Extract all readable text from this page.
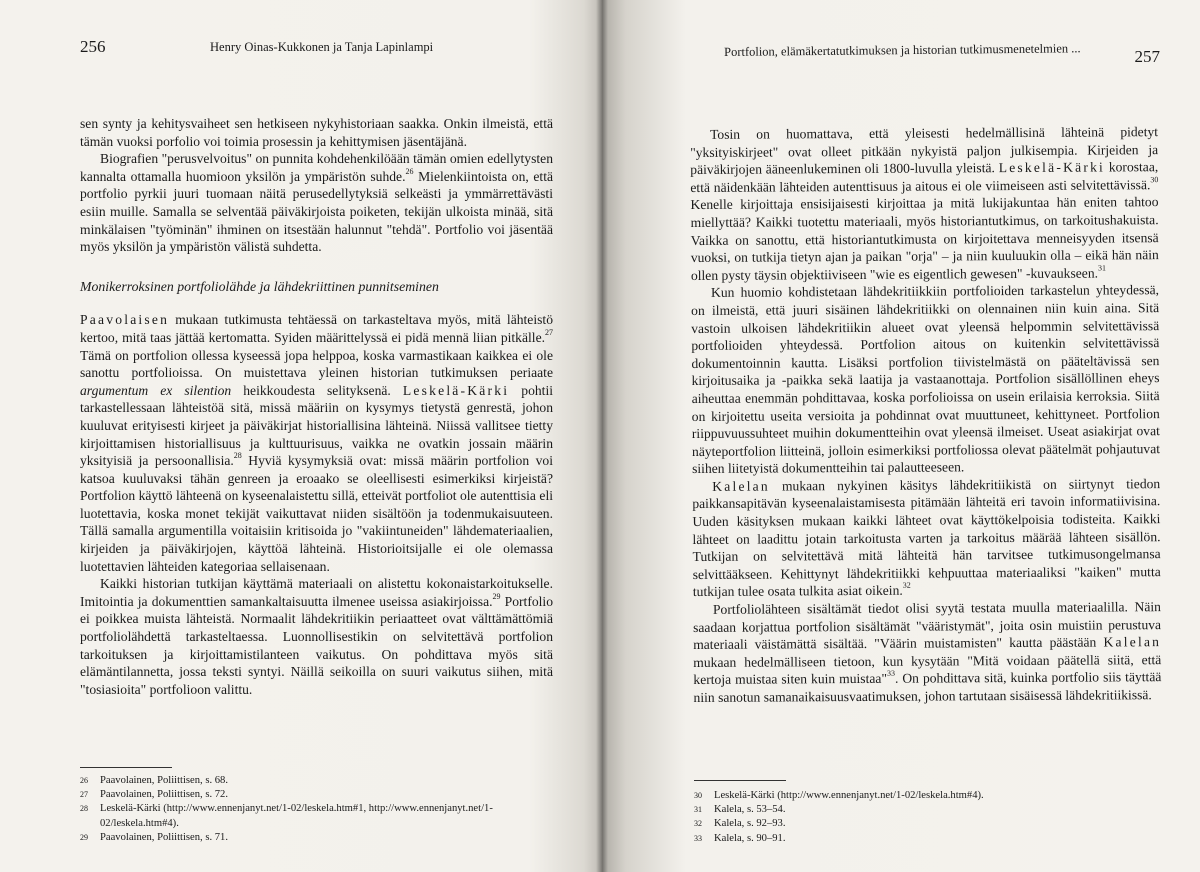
256	Henry Oinas-Kukkonen ja Tanja Lapinlampi

sen synty ja kehitysvaiheet sen hetkiseen nykyhistoriaan saakka. Onkin ilmeistä, että tämän vuoksi porfolio voi toimia prosessin ja kehittymisen jäsentäjänä.

Biografien "perusvelvoitus" on punnita kohdehenkilöään tämän omien edellytysten kannalta ottamalla huomioon yksilön ja ympäristön suhde.$^{26}$ Mielenkiintoista on, että portfolio pyrkii juuri tuomaan näitä perusedellytyksiä selkeästi ja ymmärrettävästi esiin muille. Samalla se selventää päiväkirjoista poiketen, tekijän ulkoista minää, sitä minkälaisen "työminän" ihminen on itsestään halunnut "tehdä". Portfolio voi jäsentää myös yksilön ja ympäristön välistä suhdetta.

Monikerroksinen portfoliolähde ja lähdekriittinen punnitseminen

Paavolaisen mukaan tutkimusta tehtäessä on tarkasteltava myös, mitä lähteistö kertoo, mitä taas jättää kertomatta. Syiden määrittelyssä ei pidä mennä liian pitkälle.$^{27}$ Tämä on portfolion ollessa kyseessä jopa helppoa, koska varmastikaan kaikkea ei ole sanottu portfolioissa. On muistettava yleinen historian tutkimuksen periaate argumentum ex silention heikkoudesta selityksenä. Leskelä-Kärki pohtii tarkastellessaan lähteistöä sitä, missä määriin on kysymys tietystä genrestä, johon kuuluvat erityisesti kirjeet ja päiväkirjat historiallisina lähteinä. Niissä vallitsee tietty kirjoittamisen historiallisuus ja kulttuurisuus, vaikka ne ovatkin jossain määrin yksityisiä ja persoonallisia.$^{28}$ Hyviä kysymyksiä ovat: missä määrin portfolion voi katsoa kuuluvaksi tähän genreen ja eroaako se oleellisesti esimerkiksi kirjeistä? Portfolion käyttö lähteenä on kyseenalaistettu sillä, etteivät portfoliot ole autenttisia eli luotettavia, koska monet tekijät vaikuttavat niiden sisältöön ja todenmukaisuuteen. Tällä samalla argumentilla voitaisiin kritisoida jo "vakiintuneiden" lähdemateriaalien, kirjeiden ja päiväkirjojen, käyttöä lähteinä. Historioitsijalle ei ole olemassa luotettavien lähteiden kategoriaa sellaisenaan.

Kaikki historian tutkijan käyttämä materiaali on alistettu kokonaistarkoitukselle. Imitointia ja dokumenttien samankaltaisuutta ilmenee useissa asiakirjoissa.$^{29}$ Portfolio ei poikkea muista lähteistä. Normaalit lähdekritiikin periaatteet ovat välttämättömiä portfoliolähdettä tarkasteltaessa. Luonnollisestikin on selvitettävä portfolion tarkoituksen ja kirjoittamistilanteen vaikutus. On pohdittava myös sitä elämäntilannetta, jossa teksti syntyi. Näillä seikoilla on suuri vaikutus siihen, mitä "tosiasioita" portfolioon valittu.

26	Paavolainen, Poliittisen, s. 68.
27	Paavolainen, Poliittisen, s. 72.
28	Leskelä-Kärki (http://www.ennenjanyt.net/1-02/leskela.htm#1, http://www.ennenjanyt.net/1-02/leskela.htm#4).
29	Paavolainen, Poliittisen, s. 71.
Portfolion, elämäkertatutkimuksen ja historian tutkimusmenetelmien ...	257

Tosin on huomattava, että yleisesti hedelmällisinä lähteinä pidetyt "yksityiskirjeet" ovat olleet pitkään nykyistä paljon julkisempia. Kirjeiden ja päiväkirjojen ääneenlukeminen oli 1800-luvulla yleistä. Leskelä-Kärki korostaa, että näidenkään lähteiden autenttisuus ja aitous ei ole viimeiseen asti selvitettävissä.$^{30}$ Kenelle kirjoittaja ensisijaisesti kirjoittaa ja mitä lukijakuntaa hän eniten tahtoo miellyttää? Kaikki tuotettu materiaali, myös historiantutkimus, on tarkoitushakuista. Vaikka on sanottu, että historiantutkimusta on kirjoitettava menneisyyden itsensä vuoksi, on tutkija tietyn ajan ja paikan "orja" – ja niin kuuluukin olla – eikä hän näin ollen pysty täysin objektiiviseen "wie es eigentlich gewesen" -kuvaukseen.$^{31}$

Kun huomio kohdistetaan lähdekritiikkiin portfolioiden tarkastelun yhteydessä, on ilmeistä, että juuri sisäinen lähdekritiikki on olennainen niin kuin aina. Sitä vastoin ulkoisen lähdekritiikin alueet ovat yleensä helpommin selvitettävissä portfolioiden yhteydessä. Portfolion aitous on kuitenkin selvitettävissä dokumentoinnin kautta. Lisäksi portfolion tiivistelmästä on pääteltävissä sen kirjoitusaika ja -paikka sekä laatija ja vastaanottaja. Portfolion sisällöllinen eheys aiheuttaa enemmän pohdittavaa, koska porfolioissa on usein erilaisia kerroksia. Siitä on kirjoitettu useita versioita ja pohdinnat ovat muuttuneet, kehittyneet. Portfolion riippuvuussuhteet muihin dokumentteihin ovat yleensä ilmeiset. Useat asiakirjat ovat näyteportfolion liitteinä, jolloin esimerkiksi portfoliossa olevat päätelmät pohjautuvat siihen liitetyistä dokumentteihin tai palautteeseen.

Kalelan mukaan nykyinen käsitys lähdekritiikistä on siirtynyt tiedon paikkansapitävän kyseenalaistamisesta pitämään lähteitä eri tavoin informatiivisina. Uuden käsityksen mukaan kaikki lähteet ovat käyttökelpoisia todisteita. Kaikki lähteet on laadittu jotain tarkoitusta varten ja tarkoitus määrää lähteen sisällön. Tutkijan on selvitettävä mitä lähteitä hän tarvitsee tutkimusongelmansa selvittääkseen. Kehittynyt lähdekritiikki kehpuuttaa materiaaliksi "kaiken" mutta tutkijan tulee osata tulkita asiat oikein.$^{32}$

Portfoliolähteen sisältämät tiedot olisi syytä testata muulla materiaalilla. Näin saadaan korjattua portfolion sisältämät "vääristymät", joita osin muistiin perustuva materiaali väistämättä sisältää. "Väärin muistamisten" kautta päästään Kalelan mukaan hedelmälliseen tietoon, kun kysytään "Mitä voidaan päätellä siitä, että kertoja muistaa siten kuin muistaa"$^{33}$. On pohdittava sitä, kuinka portfolio siis täyttää niin sanotun samanaikaisuusvaatimuksen, johon tartutaan sisäisessä lähdekritiikissä.

30	Leskelä-Kärki (http://www.ennenjanyt.net/1-02/leskela.htm#4).
31	Kalela, s. 53–54.
32	Kalela, s. 92–93.
33	Kalela, s. 90–91.
